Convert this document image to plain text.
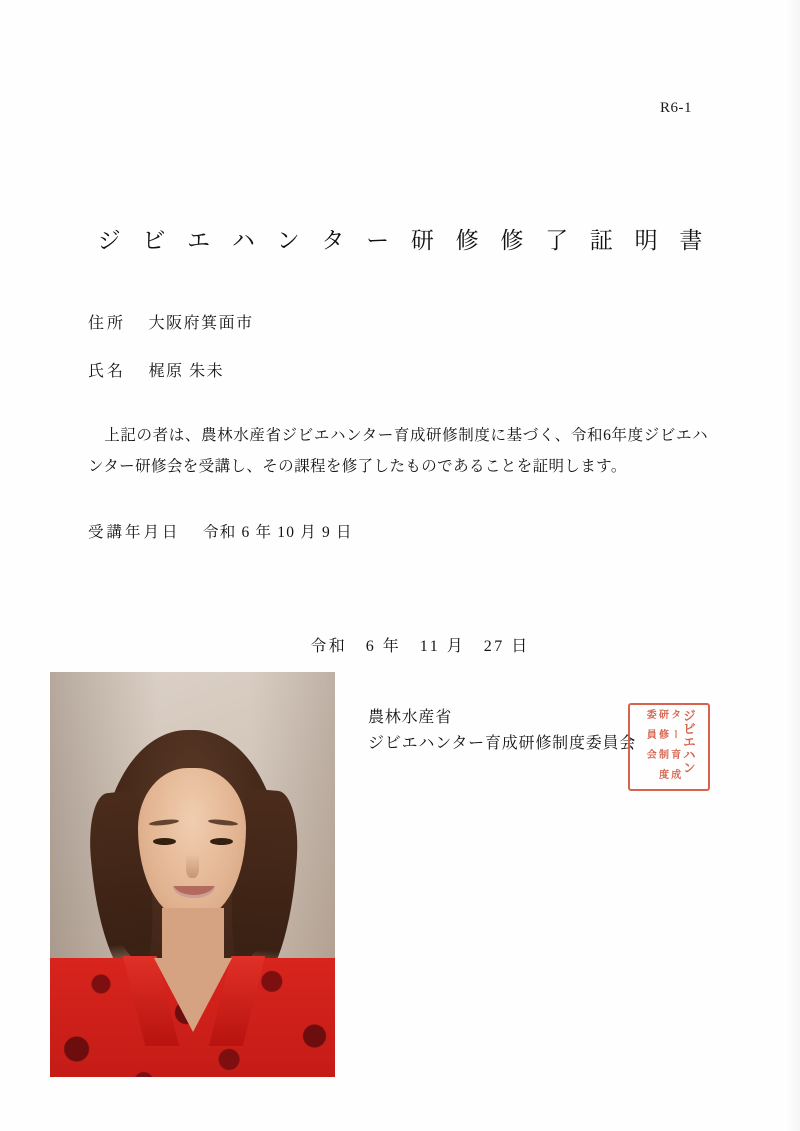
R6-1
ジ ビ エ ハ ン タ ー 研 修 修 了 証 明 書
住所 大阪府箕面市
氏名 梶原 朱未
上記の者は、農林水産省ジビエハンター育成研修制度に基づく、令和6年度ジビエハンター研修会を受講し、その課程を修了したものであることを証明します。
受講年月日 令和 6 年 10 月 9 日
令和　6 年　11 月　27 日
農林水産省
ジビエハンター育成研修制度委員会	ジビエハン
タ ー 育 成
研 修 制 度
委 員 会
